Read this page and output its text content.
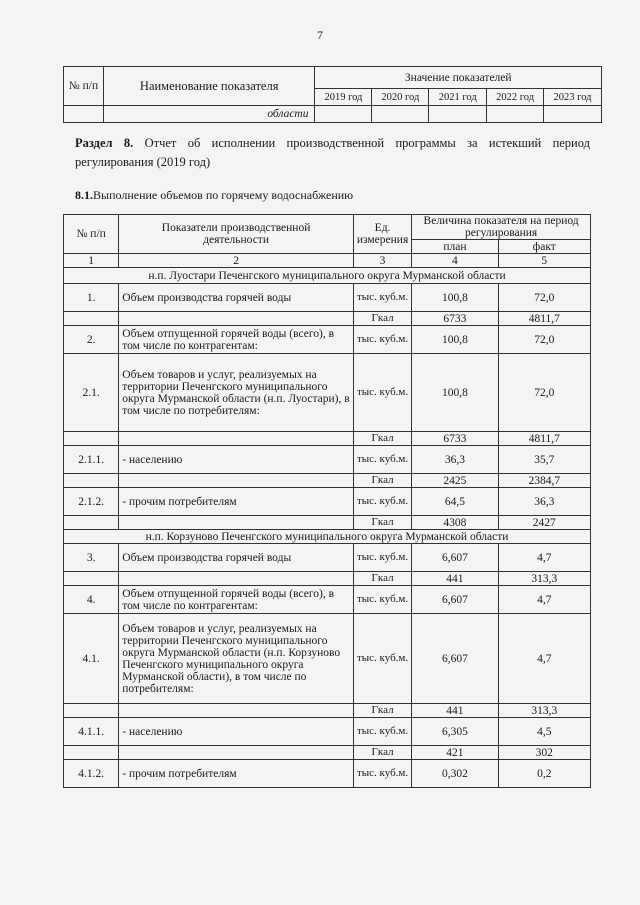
7
№ п/п	Наименование показателя	Значение показателей				
		2019 год	2020 год	2021 год	2022 год	2023 год
	области					
Раздел 8. Отчет об исполнении производственной программы за истекший период регулирования (2019 год)
8.1.Выполнение объемов по горячему водоснабжению
№ п/п	Показатели производственной деятельности	Ед. измерения	Величина показателя на период регулирования	
			план	факт
1	2	3	4	5
н.п. Луостари Печенгского муниципального округа Мурманской области				
1.	Объем производства горячей воды	тыс. куб.м.	100,8	72,0
		Гкал	6733	4811,7
2.	Объем отпущенной горячей воды (всего), в том числе по контрагентам:	тыс. куб.м.	100,8	72,0
2.1.	Объем товаров и услуг, реализуемых на территории Печенгского муниципального округа Мурманской области (н.п. Луостари), в том числе по потребителям:	тыс. куб.м.	100,8	72,0
		Гкал	6733	4811,7
2.1.1.	- населению	тыс. куб.м.	36,3	35,7
		Гкал	2425	2384,7
2.1.2.	- прочим потребителям	тыс. куб.м.	64,5	36,3
		Гкал	4308	2427
н.п. Корзуново Печенгского муниципального округа Мурманской области				
3.	Объем производства горячей воды	тыс. куб.м.	6,607	4,7
		Гкал	441	313,3
4.	Объем отпущенной горячей воды (всего), в том числе по контрагентам:	тыс. куб.м.	6,607	4,7
4.1.	Объем товаров и услуг, реализуемых на территории Печенгского муниципального округа Мурманской области (н.п. Корзуново Печенгского муниципального округа Мурманской области), в том числе по потребителям:	тыс. куб.м.	6,607	4,7
		Гкал	441	313,3
4.1.1.	- населению	тыс. куб.м.	6,305	4,5
		Гкал	421	302
4.1.2.	- прочим потребителям	тыс. куб.м.	0,302	0,2
